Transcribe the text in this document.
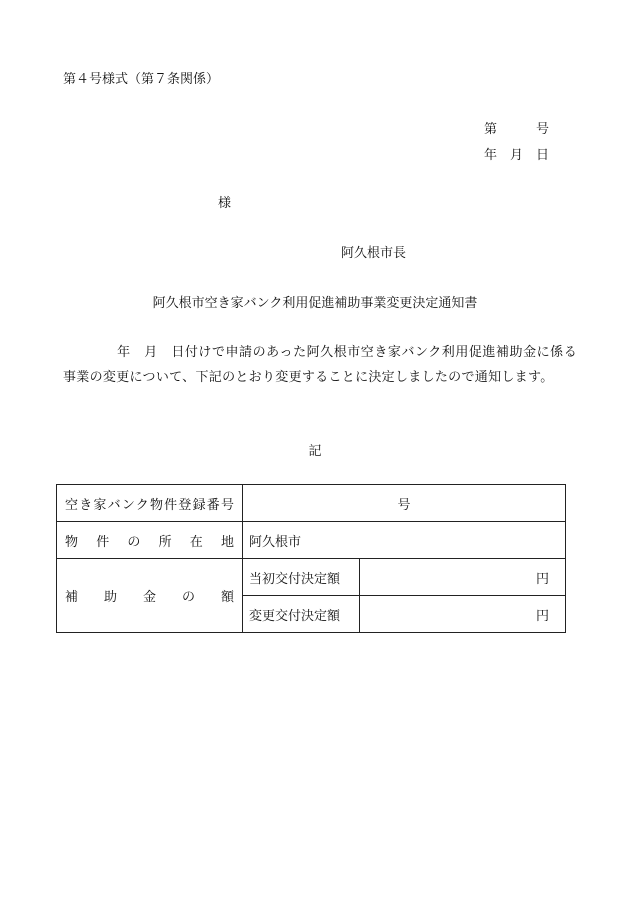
第４号様式（第７条関係）
第　　　号
年　月　日
様
阿久根市長
阿久根市空き家バンク利用促進補助事業変更決定通知書
　　　　年　月　日付けで申請のあった阿久根市空き家バンク利用促進補助金に係る事業の変更について、下記のとおり変更することに決定しましたので通知します。
記
空き家バンク物件登録番号	号	
物件の所在地	阿久根市	
補助金の額	当初交付決定額	円
	変更交付決定額	円
